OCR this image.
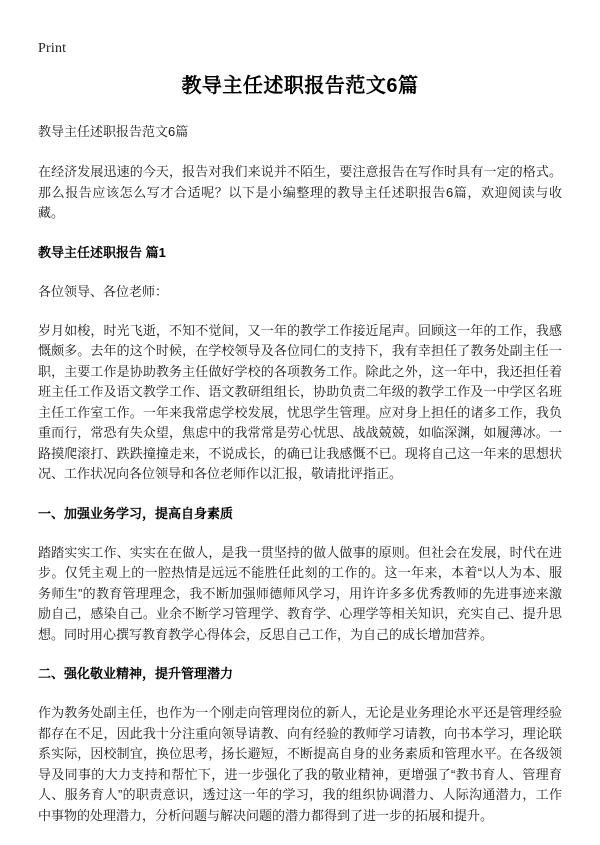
Print
教导主任述职报告范文6篇
教导主任述职报告范文6篇

在经济发展迅速的今天，报告对我们来说并不陌生，要注意报告在写作时具有一定的格式。那么报告应该怎么写才合适呢？以下是小编整理的教导主任述职报告6篇，欢迎阅读与收藏。

教导主任述职报告 篇1
各位领导、各位老师：

岁月如梭，时光飞逝，不知不觉间，又一年的教学工作接近尾声。回顾这一年的工作，我感慨颇多。去年的这个时候，在学校领导及各位同仁的支持下，我有幸担任了教务处副主任一职，主要工作是协助教务主任做好学校的各项教务工作。除此之外，这一年中，我还担任着班主任工作及语文教学工作、语文教研组组长，协助负责二年级的教学工作及一中学区名班主任工作室工作。一年来我常虑学校发展，忧思学生管理。应对身上担任的诸多工作，我负重而行，常恐有失众望，焦虑中的我常常是劳心忧思、战战兢兢，如临深渊，如履薄冰。一路摸爬滚打、跌跌撞撞走来，不说成长，的确已让我感慨不已。现将自己这一年来的思想状况、工作状况向各位领导和各位老师作以汇报，敬请批评指正。

一、加强业务学习，提高自身素质

踏踏实实工作、实实在在做人，是我一贯坚持的做人做事的原则。但社会在发展，时代在进步。仅凭主观上的一腔热情是远远不能胜任此刻的工作的。这一年来，本着“以人为本、服务师生”的教育管理理念，我不断加强师德师风学习，用许许多多优秀教师的先进事迹来激励自己，感染自己。业余不断学习管理学、教育学、心理学等相关知识，充实自己、提升思想。同时用心撰写教育教学心得体会，反思自己工作，为自己的成长增加营养。

二、强化敬业精神，提升管理潜力

作为教务处副主任，也作为一个刚走向管理岗位的新人，无论是业务理论水平还是管理经验都存在不足，因此我十分注重向领导请教、向有经验的教师学习请教，向书本学习，理论联系实际，因校制宜，换位思考，扬长避短，不断提高自身的业务素质和管理水平。在各级领导及同事的大力支持和帮忙下，进一步强化了我的敬业精神，更增强了“教书育人、管理育人、服务育人”的职责意识，透过这一年的学习，我的组织协调潜力、人际沟通潜力，工作中事物的处理潜力，分析问题与解决问题的潜力都得到了进一步的拓展和提升。
